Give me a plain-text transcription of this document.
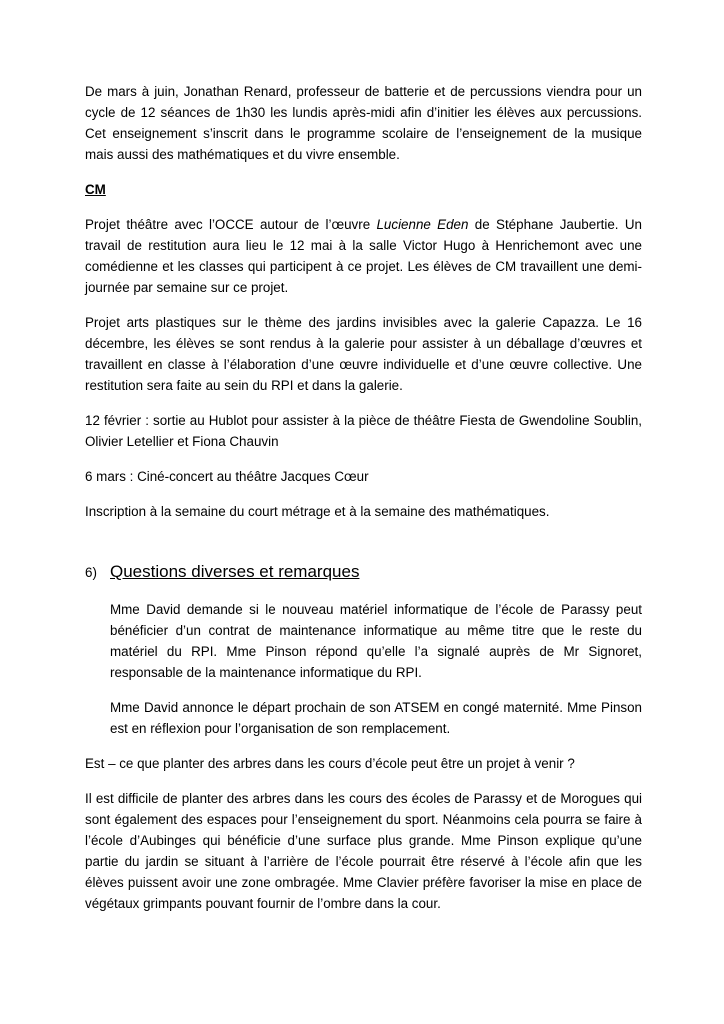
De mars à juin, Jonathan Renard, professeur de batterie et de percussions viendra pour un cycle de 12 séances de 1h30 les lundis après-midi afin d’initier les élèves aux percussions. Cet enseignement s’inscrit dans le programme scolaire de l’enseignement de la musique mais aussi des mathématiques et du vivre ensemble.

CM

Projet théâtre avec l’OCCE autour de l’œuvre Lucienne Eden de Stéphane Jaubertie. Un travail de restitution aura lieu le 12 mai à la salle Victor Hugo à Henrichemont avec une comédienne et les classes qui participent à ce projet. Les élèves de CM travaillent une demi-journée par semaine sur ce projet.

Projet arts plastiques sur le thème des jardins invisibles avec la galerie Capazza. Le 16 décembre, les élèves se sont rendus à la galerie pour assister à un déballage d’œuvres et travaillent en classe à l’élaboration d’une œuvre individuelle et d’une œuvre collective. Une restitution sera faite au sein du RPI et dans la galerie.

12 février : sortie au Hublot pour assister à la pièce de théâtre Fiesta de Gwendoline Soublin, Olivier Letellier et Fiona Chauvin

6 mars : Ciné-concert au théâtre Jacques Cœur

Inscription à la semaine du court métrage et à la semaine des mathématiques.

6) Questions diverses et remarques

Mme David demande si le nouveau matériel informatique de l’école de Parassy peut bénéficier d’un contrat de maintenance informatique au même titre que le reste du matériel du RPI. Mme Pinson répond qu’elle l’a signalé auprès de Mr Signoret, responsable de la maintenance informatique du RPI.

Mme David annonce le départ prochain de son ATSEM en congé maternité. Mme Pinson est en réflexion pour l’organisation de son remplacement.

Est – ce que planter des arbres dans les cours d’école peut être un projet à venir ?

Il est difficile de planter des arbres dans les cours des écoles de Parassy et de Morogues qui sont également des espaces pour l’enseignement du sport. Néanmoins cela pourra se faire à l’école d’Aubinges qui bénéficie d’une surface plus grande. Mme Pinson explique qu’une partie du jardin se situant à l’arrière de l’école pourrait être réservé à l’école afin que les élèves puissent avoir une zone ombragée. Mme Clavier préfère favoriser la mise en place de végétaux grimpants pouvant fournir de l’ombre dans la cour.
